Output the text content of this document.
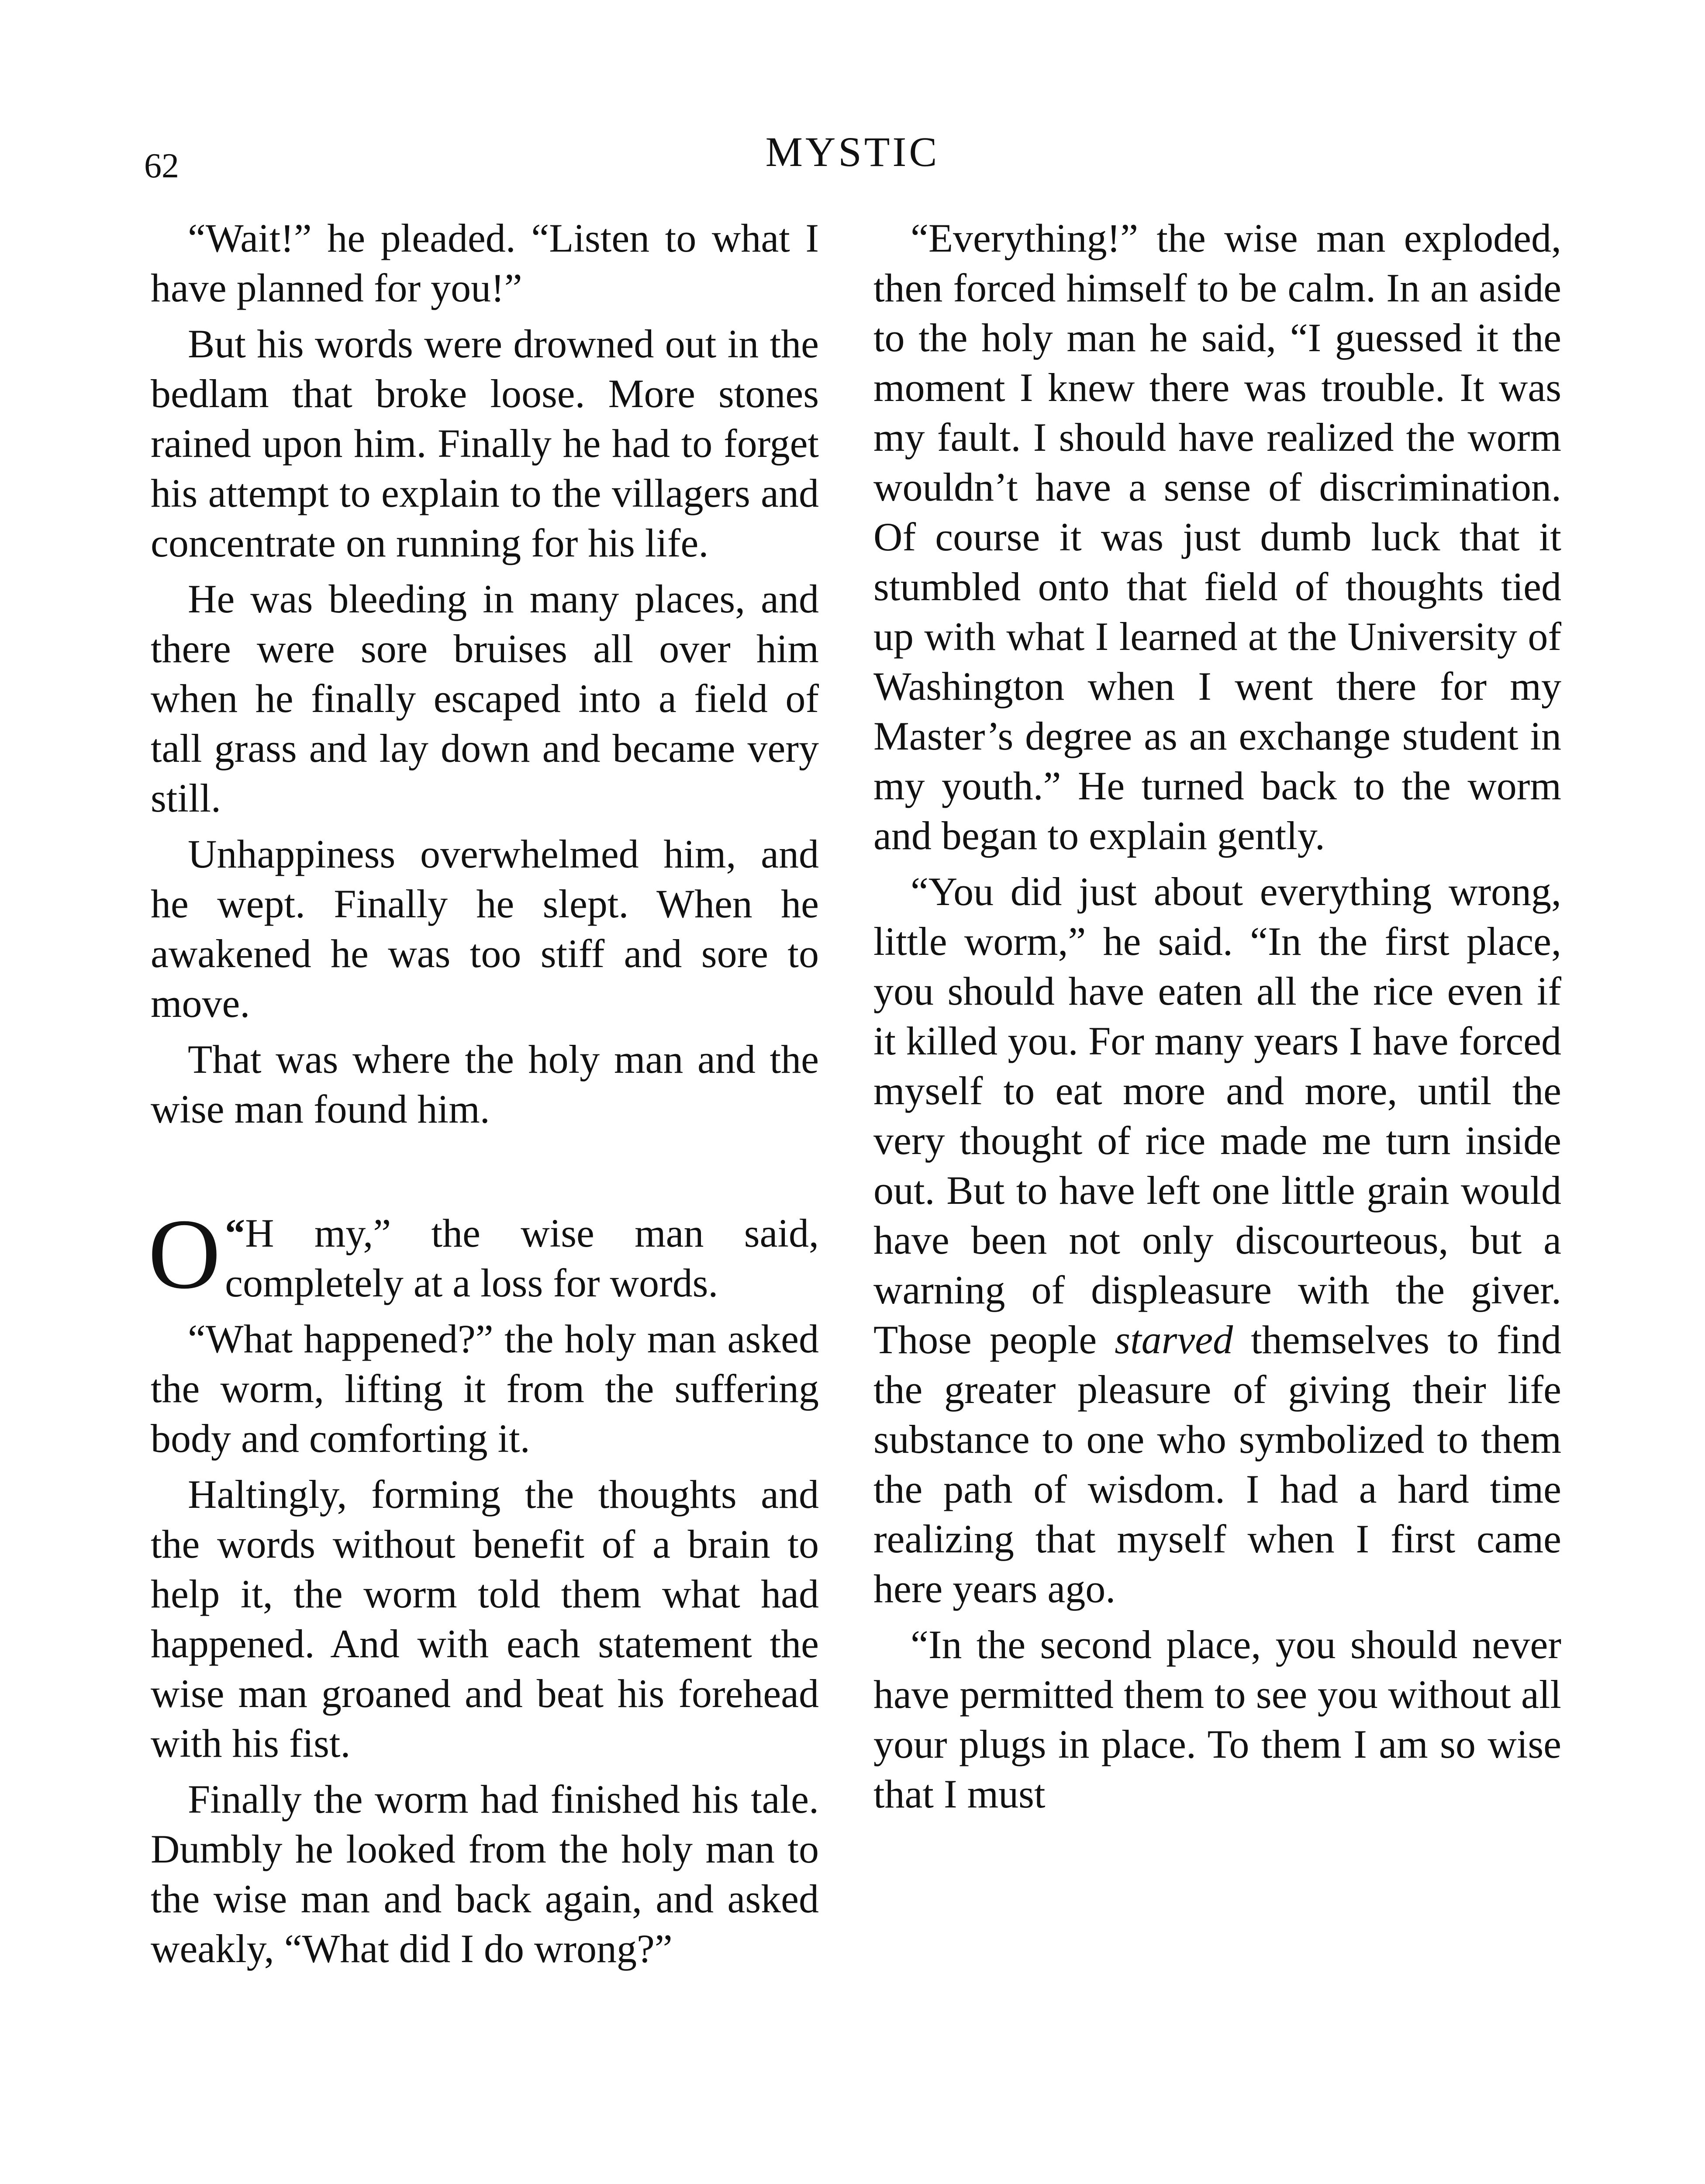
62	MYSTIC

“Wait!” he pleaded. “Listen to what I have planned for you!”

But his words were drowned out in the bedlam that broke loose. More stones rained upon him. Finally he had to forget his attempt to explain to the villagers and concentrate on running for his life.

He was bleeding in many places, and there were sore bruises all over him when he finally escaped into a field of tall grass and lay down and became very still.

Unhappiness overwhelmed him, and he wept. Finally he slept. When he awakened he was too stiff and sore to move.

That was where the holy man and the wise man found him.

“
O H my,” the wise man said, completely at a loss for words.

“What happened?” the holy man asked the worm, lifting it from the suffering body and comforting it.

Haltingly, forming the thoughts and the words without benefit of a brain to help it, the worm told them what had happened. And with each statement the wise man groaned and beat his forehead with his fist.

Finally the worm had finished his tale. Dumbly he looked from the holy man to the wise man and back again, and asked weakly, “What did I do wrong?”

“Everything!” the wise man exploded, then forced himself to be calm. In an aside to the holy man he said, “I guessed it the moment I knew there was trouble. It was my fault. I should have realized the worm wouldn’t have a sense of discrimination. Of course it was just dumb luck that it stumbled onto that field of thoughts tied up with what I learned at the University of Washington when I went there for my Master’s degree as an exchange student in my youth.” He turned back to the worm and began to explain gently.

“You did just about everything wrong, little worm,” he said. “In the first place, you should have eaten all the rice even if it killed you. For many years I have forced myself to eat more and more, until the very thought of rice made me turn inside out. But to have left one little grain would have been not only discourteous, but a warning of displeasure with the giver. Those people starved themselves to find the greater pleasure of giving their life substance to one who symbolized to them the path of wisdom. I had a hard time realizing that myself when I first came here years ago.

“In the second place, you should never have permitted them to see you without all your plugs in place. To them I am so wise that I must
